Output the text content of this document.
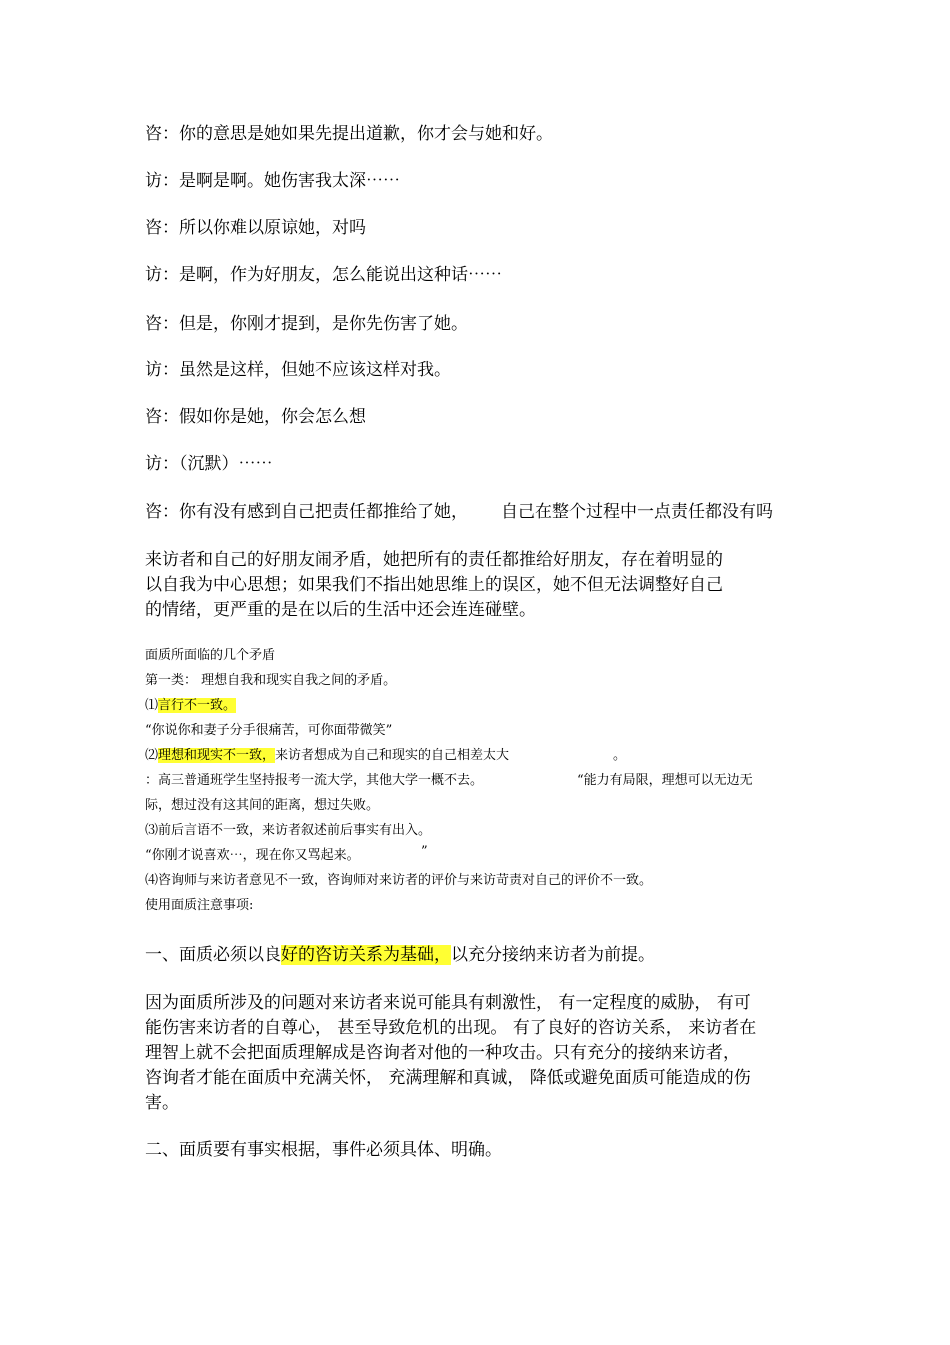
咨：你的意思是她如果先提出道歉，你才会与她和好。
访：是啊是啊。她伤害我太深⋯⋯
咨：所以你难以原谅她，对吗
访：是啊，作为好朋友，怎么能说出这种话⋯⋯
咨：但是，你刚才提到，是你先伤害了她。
访：虽然是这样，但她不应该这样对我。
咨：假如你是她，你会怎么想
访：（沉默）⋯⋯
咨：你有没有感到自己把责任都推给了她， 自己在整个过程中一点责任都没有吗
来访者和自己的好朋友闹矛盾，她把所有的责任都推给好朋友，存在着明显的
以自我为中心思想；如果我们不指出她思维上的误区，她不但无法调整好自己
的情绪，更严重的是在以后的生活中还会连连碰壁。
面质所面临的几个矛盾
第一类： 理想自我和现实自我之间的矛盾。
⑴言行不一致。
“你说你和妻子分手很痛苦，可你面带微笑”
⑵理想和现实不一致，来访者想成为自己和现实的自己相差太大	。
：高三普通班学生坚持报考一流大学，其他大学一概不去。	“能力有局限，理想可以无边无
际，想过没有这其间的距离，想过失败。
⑶前后言语不一致，来访者叙述前后事实有出入。
“你刚才说喜欢⋯，现在你又骂起来。	”
⑷咨询师与来访者意见不一致，咨询师对来访者的评价与来访苛责对自己的评价不一致。
使用面质注意事项:
一、面质必须以良好的咨访关系为基础，以充分接纳来访者为前提。
因为面质所涉及的问题对来访者来说可能具有刺激性， 有一定程度的威胁， 有可
能伤害来访者的自尊心， 甚至导致危机的出现。 有了良好的咨访关系， 来访者在
理智上就不会把面质理解成是咨询者对他的一种攻击。只有充分的接纳来访者，
咨询者才能在面质中充满关怀， 充满理解和真诚， 降低或避免面质可能造成的伤
害。
二、面质要有事实根据，事件必须具体、明确。
